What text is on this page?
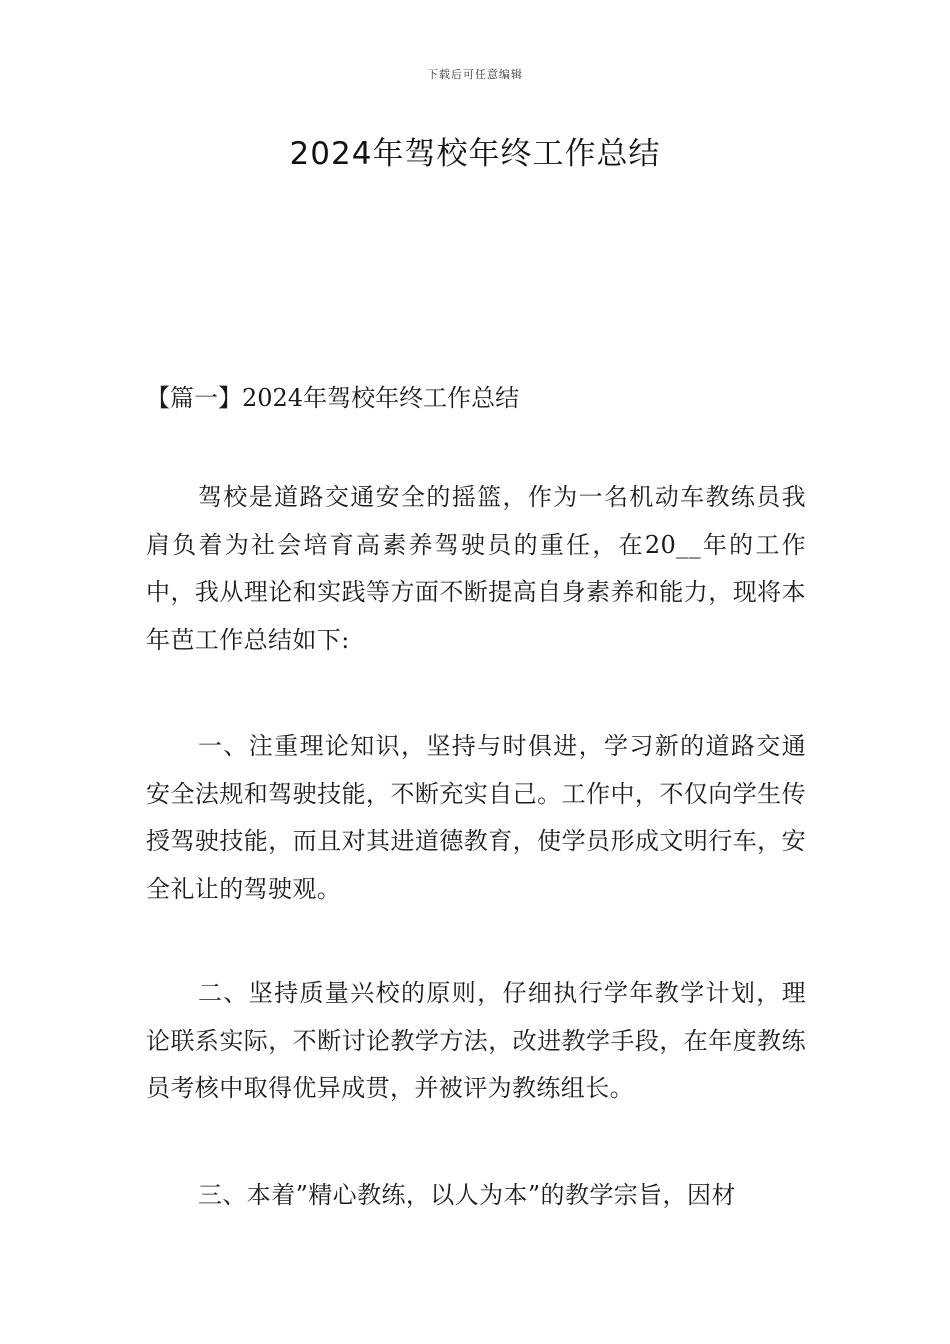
下载后可任意编辑
2024年驾校年终工作总结
【篇一】2024年驾校年终工作总结

驾校是道路交通安全的摇篮，作为一名机动车教练员我肩负着为社会培育高素养驾驶员的重任，在20__年的工作中，我从理论和实践等方面不断提高自身素养和能力，现将本年芭工作总结如下:

一、注重理论知识，坚持与时俱进，学习新的道路交通安全法规和驾驶技能，不断充实自己。工作中，不仅向学生传授驾驶技能，而且对其进道德教育，使学员形成文明行车，安全礼让的驾驶观。

二、坚持质量兴校的原则，仔细执行学年教学计划，理论联系实际，不断讨论教学方法，改进教学手段，在年度教练员考核中取得优异成贯，并被评为教练组长。

三、本着”精心教练，以人为本”的教学宗旨，因材
